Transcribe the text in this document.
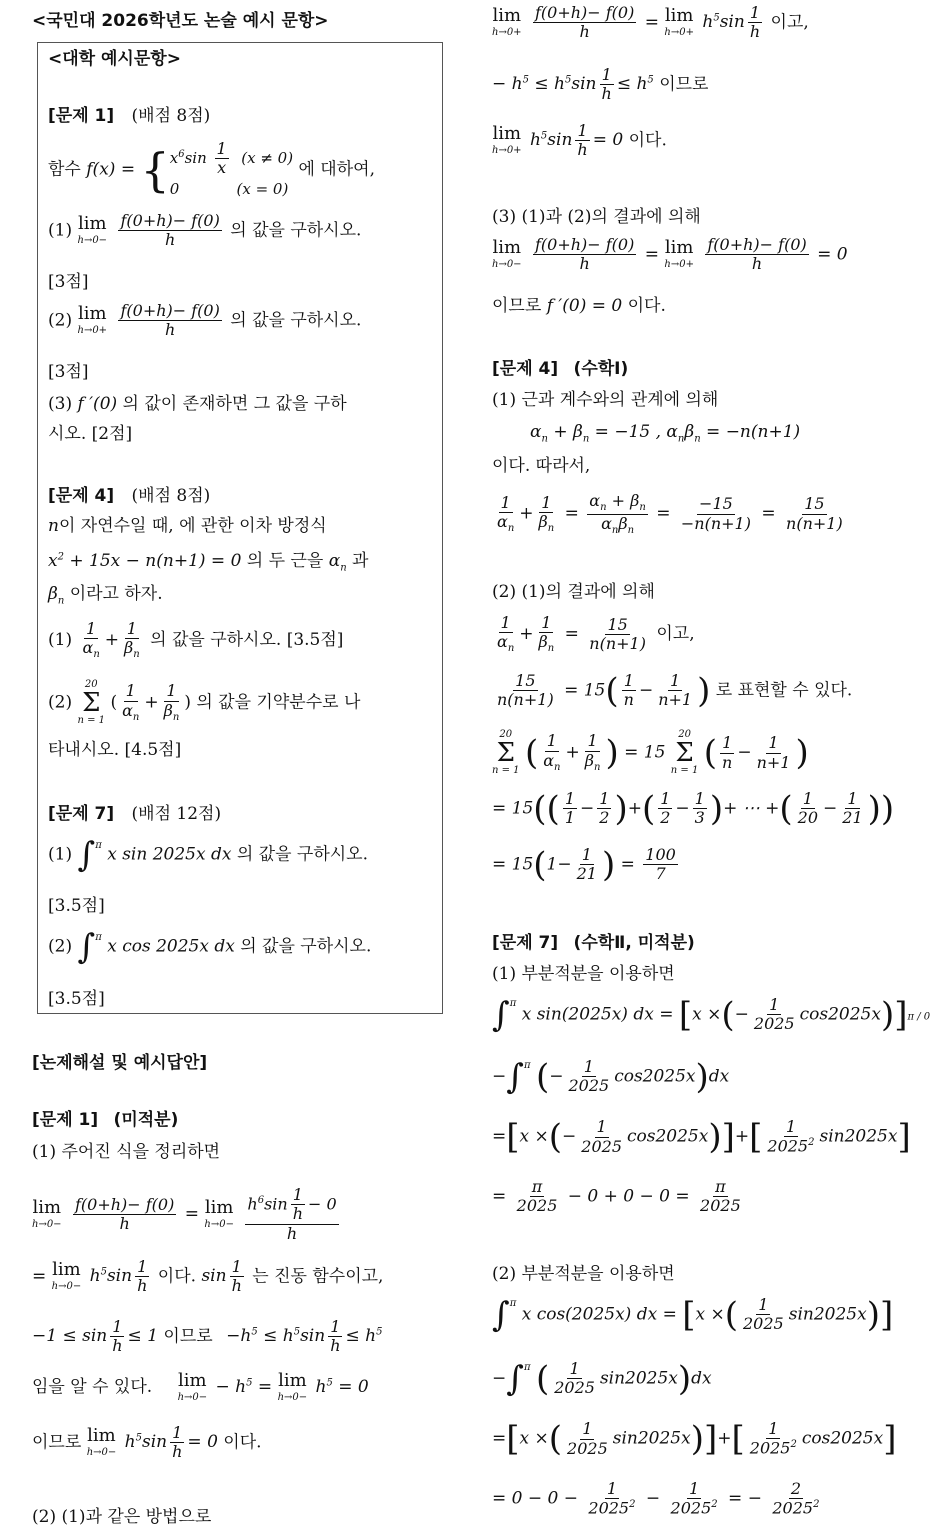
<국민대 2026학년도 논술 예시 문항>
<대학 예시문항>
[문제 1] (배점 8점)
함수 f(x) = { $x^6\sin \frac{1}{x} (x \ne 0)$
0            (x = 0)
에 대하여,
(1) lim
h→0−
$\frac{f(0+h)- f(0)}{h}$ 의 값을 구하시오.
[3점]
(2) lim
h→0+
$\frac{f(0+h)- f(0)}{h}$ 의 값을 구하시오.
[3점]
(3) f ′(0) 의 값이 존재하면 그 값을 구하
시오. [2점]
[문제 4] (배점 8점)
n이 자연수일 때, 에 관한 이차 방정식
$x^2 + 15x - n(n+1) = 0$ 의 두 근을 $\alpha_n$ 과
$\beta_n$ 이라고 하자.
$(1) \frac{1}{\alpha_n} + \frac{1}{\beta_n}$ 의 값을 구하시오. [3.5점]
(2)
20
Σ
n = 1
( $\frac{1}{\alpha_n} + \frac{1}{\beta_n}$ ) 의 값을 기약분수로 나
타내시오. [4.5점]
[문제 7] (배점 12점)
(1) ∫$^\pi$ x sin 2025x dx 의 값을 구하시오.
[3.5점]
(2) ∫$^\pi$ x cos 2025x dx 의 값을 구하시오.
[3.5점]
[논제해설 및 예시답안]
[문제 1] (미적분)
(1) 주어진 식을 정리하면
lim
h→0−
$\frac{f(0+h)- f(0)}{h} = \lim$
h→0−
$\frac{h^6\sin \frac{1}{h} - 0}{h}$
= lim
h→0−
$h^5\sin \frac{1}{h}$ 이다. $\sin \frac{1}{h}$ 는 진동 함수이고,
$-1 \le \sin \frac{1}{h} \le 1$ 이므로 $-h^5 \le h^5\sin \frac{1}{h} \le h^5$
임을 알 수 있다. lim
h→0−
− $h^5 = \lim$
h→0−
$h^5 = 0$
이므로 lim
h→0−
$h^5\sin \frac{1}{h} = 0$ 이다.
(2) (1)과 같은 방법으로
lim
h→0+
$\frac{f(0+h)- f(0)}{h} = \lim$
h→0+
$h^5\sin \frac{1}{h}$ 이고,
− $h^5 \le h^5\sin \frac{1}{h} \le h^5$ 이므로
lim
h→0+
$h^5\sin \frac{1}{h} = 0$ 이다.
(3) (1)과 (2)의 결과에 의해
lim
h→0−
$\frac{f(0+h)- f(0)}{h} = \lim$
h→0+
$\frac{f(0+h)- f(0)}{h} = 0$
이므로 f ′(0) = 0 이다.
[문제 4] (수학Ⅰ)
(1) 근과 계수와의 관계에 의해
$\alpha_n + \beta_n = -15$ , $\alpha_n\beta_n = -n(n+1)$
이다. 따라서,
$\frac{1}{\alpha_n} + \frac{1}{\beta_n} = \frac{\alpha_n + \beta_n}{\alpha_n\beta_n} = \frac{-15}{-n(n+1)} = \frac{15}{n(n+1)}$
(2) (1)의 결과에 의해
$\frac{1}{\alpha_n} + \frac{1}{\beta_n} = \frac{15}{n(n+1)}$ 이고,
$\frac{15}{n(n+1)} = 15( \frac{1}{n} - \frac{1}{n+1}$ ) 로 표현할 수 있다.
20
Σ
n = 1 ( $\frac{1}{\alpha_n} + \frac{1}{\beta_n}$ ) = 15
20
Σ
n = 1 ( $\frac{1}{n} - \frac{1}{n+1}$ )
= $15(( \frac{1}{1} - \frac{1}{2}$ )+( $\frac{1}{2} - \frac{1}{3}$ )+ ⋯ +( $\frac{1}{20} - \frac{1}{21}$ ))
= $15(1- \frac{1}{21}$ ) = $\frac{100}{7}$
[문제 7] (수학Ⅱ, 미적분)
(1) 부분적분을 이용하면
∫$^\pi$ x sin(2025x) dx = [x ×(− $\frac{1}{2025} \cos 2025x)]\pi / 0$
−∫$^\pi$ (− $\frac{1}{2025} \cos 2025x)dx$
=[x ×(− $\frac{1}{2025} \cos 2025x)]+[ \frac{1}{2025^2} \sin 2025x]$
= $\frac{\pi}{2025} - 0 + 0 - 0 = \frac{\pi}{2025}$
(2) 부분적분을 이용하면
∫$^\pi$ x cos(2025x) dx = [x ×( $\frac{1}{2025} \sin 2025x$)]
−∫$^\pi$ ( $\frac{1}{2025} \sin 2025x)dx$
=[x ×( $\frac{1}{2025} \sin 2025x)]+[ \frac{1}{2025^2} \cos 2025x]$
= $0 - 0 - \frac{1}{2025^2} - \frac{1}{2025^2}$ = − $\frac{2}{2025^2}$
